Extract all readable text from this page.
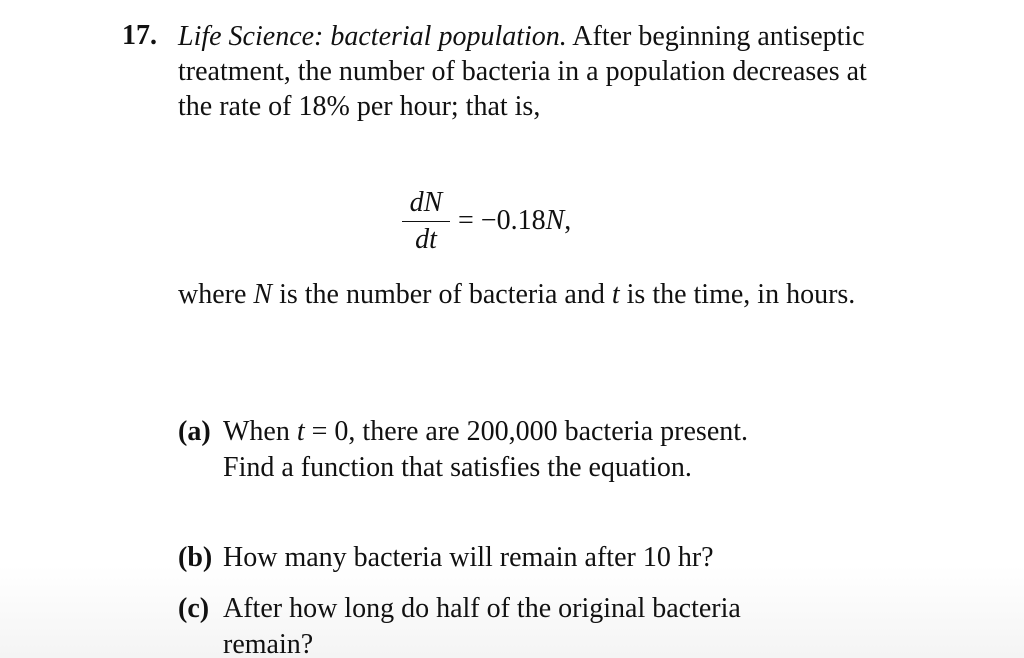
17. Life Science: bacterial population. After beginning antiseptic treatment, the number of bacteria in a population decreases at the rate of 18% per hour; that is,
$\frac{dN}{dt} = -0.18N$,
where N is the number of bacteria and t is the time, in hours.
(a) When t = 0, there are 200,000 bacteria present.
Find a function that satisfies the equation.
(b) How many bacteria will remain after 10 hr?
(c) After how long do half of the original bacteria
remain?
